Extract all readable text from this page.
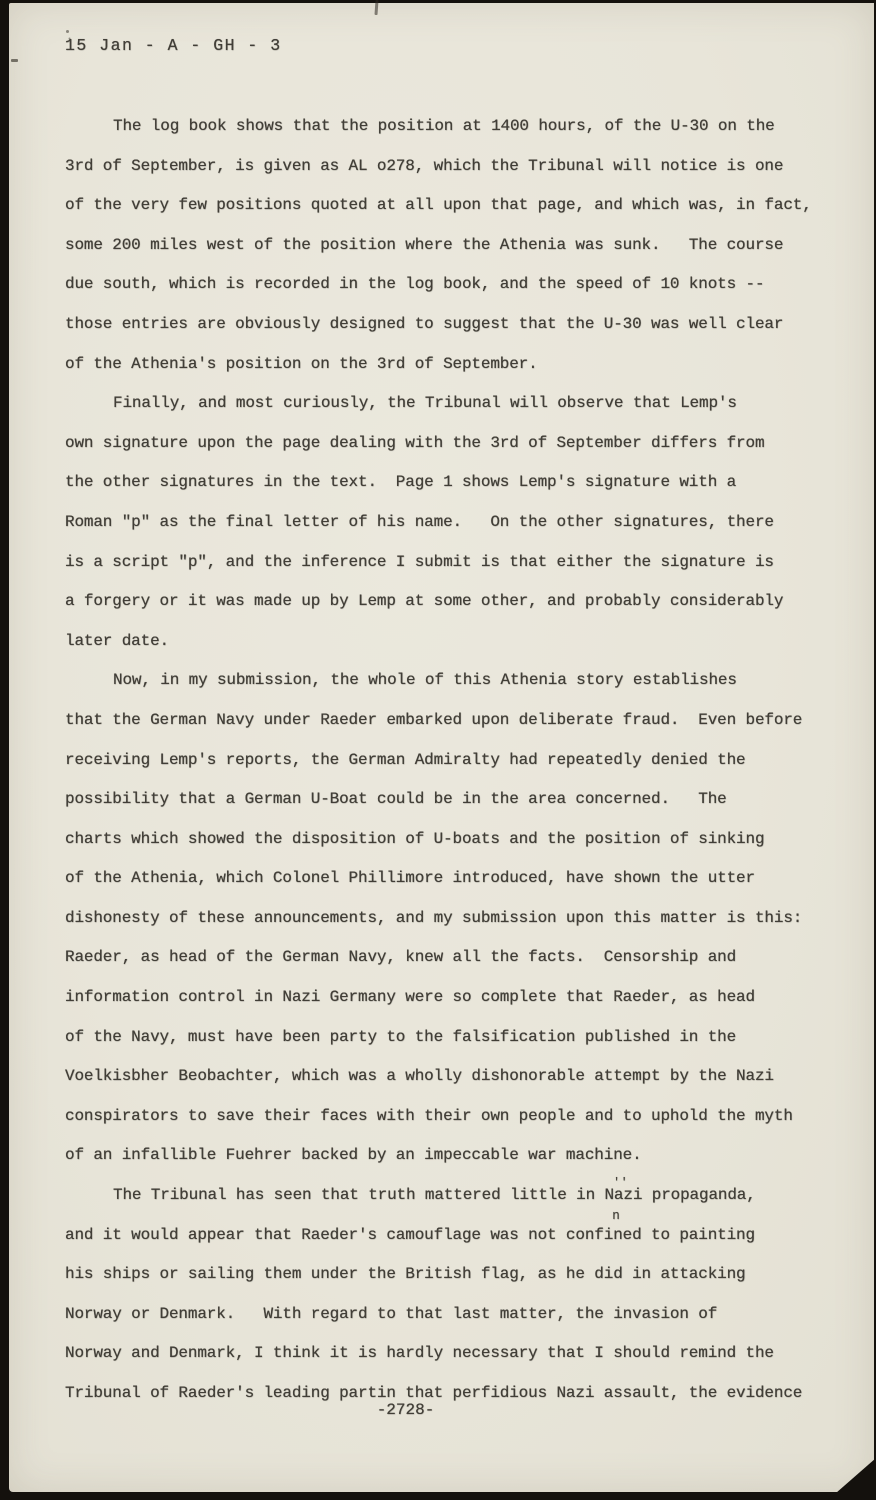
15 Jan - A - GH - 3
The log book shows that the position at 1400 hours, of the U-30 on the
3rd of September, is given as AL o278, which the Tribunal will notice is one
of the very few positions quoted at all upon that page, and which was, in fact,
some 200 miles west of the position where the Athenia was sunk.   The course
due south, which is recorded in the log book, and the speed of 10 knots --
those entries are obviously designed to suggest that the U-30 was well clear
of the Athenia's position on the 3rd of September.
Finally, and most curiously, the Tribunal will observe that Lemp's
own signature upon the page dealing with the 3rd of September differs from
the other signatures in the text.  Page 1 shows Lemp's signature with a
Roman "p" as the final letter of his name.   On the other signatures, there
is a script "p", and the inference I submit is that either the signature is
a forgery or it was made up by Lemp at some other, and probably considerably
later date.
Now, in my submission, the whole of this Athenia story establishes
that the German Navy under Raeder embarked upon deliberate fraud.  Even before
receiving Lemp's reports, the German Admiralty had repeatedly denied the
possibility that a German U-Boat could be in the area concerned.   The
charts which showed the disposition of U-boats and the position of sinking
of the Athenia, which Colonel Phillimore introduced, have shown the utter
dishonesty of these announcements, and my submission upon this matter is this:
Raeder, as head of the German Navy, knew all the facts.  Censorship and
information control in Nazi Germany were so complete that Raeder, as head
of the Navy, must have been party to the falsification published in the
Voelkisbher Beobachter, which was a wholly dishonorable attempt by the Nazi
conspirators to save their faces with their own people and to uphold the myth
of an infallible Fuehrer backed by an impeccable war machine.
The Tribunal has seen that truth mattered little in Nazi propaganda,
''
n
and it would appear that Raeder's camouflage was not confined to painting
his ships or sailing them under the British flag, as he did in attacking
Norway or Denmark.   With regard to that last matter, the invasion of
Norway and Denmark, I think it is hardly necessary that I should remind the
Tribunal of Raeder's leading partin that perfidious Nazi assault, the evidence
-2728-
